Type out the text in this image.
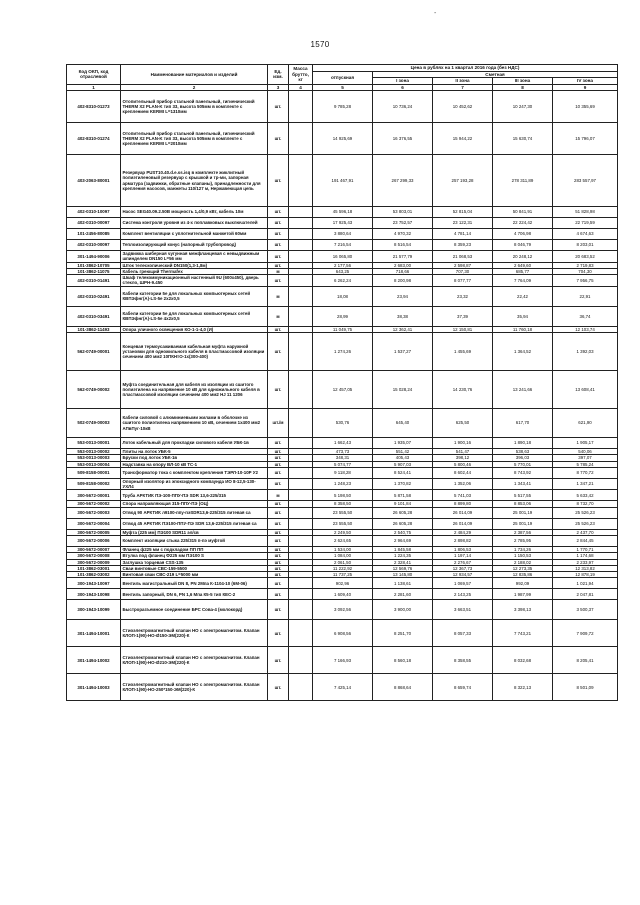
-
1570
Код ОКП, код отраслевой	Наименование материалов и изделий	Ед. изм.	Масса брутто, кг	Цена в рублях на 1 квартал 2016 года (без НДС)				
				отпускная	Сметная			
					I зона	II зона	III зона	IV зона
1	2	3	4	5	6	7	8	9
402-8310-01273	Отопительный прибор стальной панельный, гигиенический THERM X2 PLAN-K тип 33, высота 505мм в комплекте с креплением KERMI L=1310мм	шт.		9 785,28	10 736,24	10 452,62	10 247,30	10 355,69
402-8310-01274	Отопительный прибор стальной панельный, гигиенический THERM X2 PLAN-K тип 33, высота 505мм в комплекте с креплением KERMI L=2010мм	шт.		14 925,69	16 376,55	15 944,22	15 630,74	15 796,07
403-2063-80001	Резервуар PUST10.40.d.e.ss.isq в комплекте жиклитный полиэтиленовый резервуар с крышкой и тр-ми, запорная арматура (задвижки, обратные клапаны), принадлежности для крепления насосов, манжеты 110/127 м, Нержавеющая цепь	шт.		191 467,91	267 299,33	257 193,28	278 311,89	283 557,97
402-0310-10097	Насос SEG40.09.2.50B мощность 1,4/0,9 кВт, кабель 10м	шт.		45 596,18	53 803,01	52 815,04	50 841,91	51 828,98
402-0310-00097	Система контроля уровня из 4-х поплавковых выключателей	шт.		17 925,43	23 752,57	23 122,31	22 224,42	22 719,59
101-2456-80085	Комплект вентиляции с уплотнительной манжетой 60мм	шт.		3 880,64	4 970,32	4 781,14	4 706,98	4 674,63
402-0310-00097	Теплоизолирующий конус (напорный трубопровод)	шт.		7 216,54	8 516,54	8 359,23	8 046,79	8 203,01
301-1494-90006	Задвижка шиберная чугунная межфланцевая с невыдвижным шпинделем DN150 L=56 мм	шт.		16 065,80	21 577,79	21 068,53	20 248,12	20 683,52
101-3862-10705	Шток телескопический DN150(1,3-1,8м)	шт.		2 177,56	2 683,00	2 598,87	2 649,60	2 719,83
101-3862-11075	Кабель греющий Thermafex	м		643,25	718,66	707,30	685,77	704,30
402-0310-01491	Шкаф телекоммуникационный настенный 9U (600x450), дверь стекло, ШРН-9.450	шт.		6 262,24	8 200,98	8 077,77	7 764,09	7 956,75
402-0310-02491	Кабели категории 5е для локальных компьютерных сетей КВПЭфнг(А)-LS-5е 2x2x0,5	м		18,08	23,94	23,32	22,42	22,91
402-0310-03491	Кабели категории 5е для локальных компьютерных сетей КВПЭфнг(А)-LS-5е 4x2x0,5	м		28,99	38,38	37,39	35,94	36,74
101-3862-11493	Опора уличного освещения КО-1-1-4,0 (И)	шт.		11 049,75	12 362,41	12 150,81	11 760,18	12 103,74
562-0749-00001	Концевая термоусаживаемая кабельная муфта наружной установки для одножильного кабеля в пластмассовой изоляции сечением 400 мм2 10ПКНтО-1х(300-400)	шт.		1 274,26	1 537,27	1 455,69	1 364,52	1 392,03
562-0749-00002	Муфта соединительная для кабеля из изоляции из сшитого полиэтилена на напряжение 10 кВ для одножильного кабеля в пластмассовой изоляции сечением 400 мм2 HJ 11 1206	шт.		12 457,05	15 028,24	14 230,76	13 241,66	13 608,41
502-0749-00003	Кабели силовой с алюминиевыми жилами в оболочке из сшитого полиэтилена напряжением 10 кВ, сечением 1х400 мм2 АПвПуг-10кВ	шт./м		530,76	645,40	625,50	617,70	621,90
553-0013-00001	Лоток кабельный для прокладки силового кабеля УБК-1в	шт.		1 662,43	1 935,07	1 900,16	1 890,18	1 905,17
553-0013-00002	Плиты на лоток УБК-5	шт.		473,73	551,42	541,47	538,63	540,06
553-0013-00003	Бруски под лоток УБК-1в	шт.		348,31	405,43	398,12	396,03	397,07
553-0013-00004	Надставка на опору ВЛ-10 кВ ТС-1	шт.		5 074,77	5 907,03	5 800,46	5 770,01	5 785,24
509-8158-00001	Трансформатор тока с комплектом крепления ТЭРЛ-10-10Р У2	шт.		9 118,28	8 524,41	8 602,44	8 743,92	8 770,72
509-8158-00002	Опорный изолятор из эпоксидного компаунда ИО 8-12,5-130-УХЛ4	шт.		1 248,23	1 370,82	1 352,06	1 343,41	1 347,21
300-5672-00001	Труба АРКТИК ПЭ-100-ППУ-ПЭ SDR 13,6-225/315	м		5 198,50	5 871,58	5 741,03	5 517,55	5 633,42
300-5672-00002	Спора направляющая 315-ППУ-ПЭ (ОЦ)	шт.		8 358,50	9 101,84	8 899,80	8 853,06	8 732,70
300-5672-00003	Отвод 90 АРКТИК л9100-ппу-пэSDR13,6-225/315 литевая са	шт.		23 555,50	26 605,28	26 014,09	25 001,19	25 526,23
300-5672-00004	Отвод 45 АРКТИК ПЭ100-ППУ-ПЭ SDR 13,6-225/315 литевая са	шт.		23 555,50	26 605,28	26 014,09	25 001,19	25 526,23
300-5672-00005	Муфта (225 мм) ПЭ100 SDR11 эл/св	шт.		2 249,50	2 540,75	2 484,29	2 387,56	2 437,70
300-5672-00006	Комплект изоляции стыка 225/315 п-пэ муфтой	шт.		2 624,65	2 964,69	2 898,82	2 785,95	2 844,45
300-5672-00007	Фланец ф225 мм с подкладом ПП ПП	шт.		1 534,00	1 845,58	1 806,53	1 734,26	1 770,71
300-5672-00008	Втулка под фланец Ф225 мм ПЭ100 S	шт.		1 084,00	1 224,35	1 197,14	1 150,53	1 174,68
300-5672-00009	Заглушка торцевая CSS-135	шт.		2 061,50	2 328,41	2 276,67	2 188,02	2 233,97
101-3862-03001	Сваи винтовые СВС-159-5500	шт.		11 222,92	12 569,76	12 367,73	12 273,35	12 313,82
101-3862-03002	Винтовая сваи СВС-219 L=5000 мм	шт.		11 737,25	13 145,80	12 934,57	12 835,86	12 878,19
300-1943-10097	Вентиль магистральный DN 8, PN 2Mпа К-1104-10 (6М-06)	шт.		902,96	1 138,61	1 069,57	992,09	1 021,94
300-1943-10098	Вентиль запорный, DN 6, PN 1,6 Мпа К5-5 тип КЕС-2	шт.		1 609,40	2 281,60	2 143,25	1 987,99	2 047,81
300-1943-10099	Быстроразъемное соединение БРС Сова-4 (молокорд)	шт.		3 092,56	3 900,00	3 663,51	3 398,13	3 500,37
301-1494-10001	Стиоэлектромагнитный клапан НО с электромагнитом. Клапан КЛОП-1(90)-НО-Ø150-ЭМ(220)-К	шт.		6 908,56	8 251,70	8 057,33	7 743,21	7 909,72
301-1494-10002	Стиоэлектромагнитный клапан НО с электромагнитом. Клапан КЛОП-1(90)-НО-Ø210-ЭМ(220)-К	шт.		7 166,93	8 560,18	8 358,55	8 032,68	8 205,41
301-1494-10003	Стиоэлектромагнитный клапан НО с электромагнитом. Клапан КЛОП-1(90)-НО-250*150-ЭМ(220)-К	шт.		7 425,14	8 868,64	8 659,74	8 322,13	8 501,09
